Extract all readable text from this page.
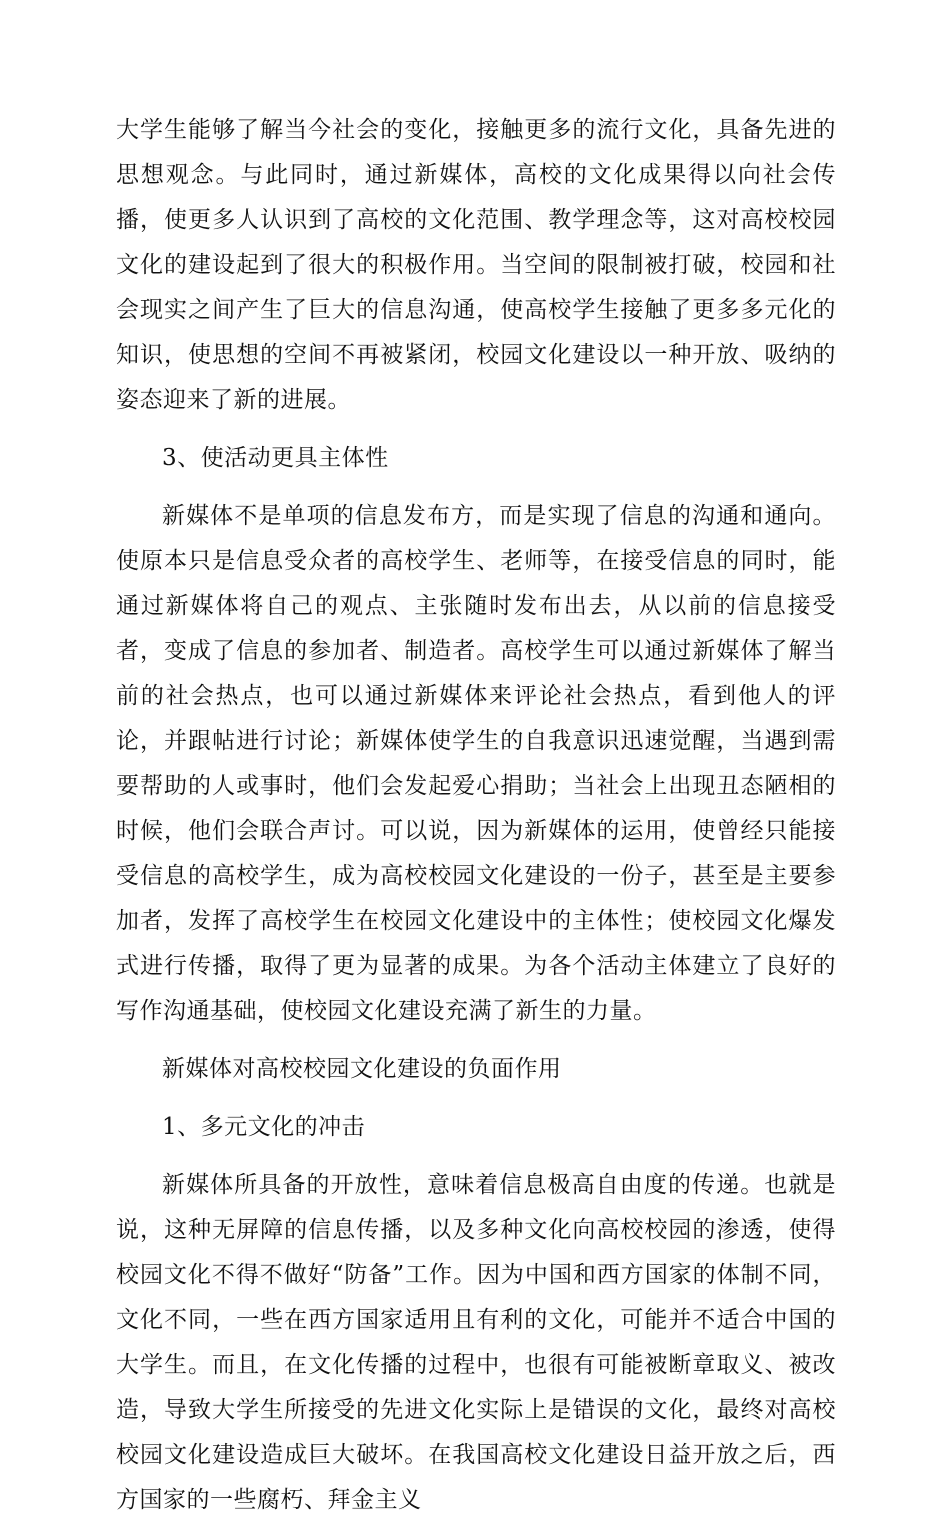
大学生能够了解当今社会的变化，接触更多的流行文化，具备先进的思想观念。与此同时，通过新媒体，高校的文化成果得以向社会传播，使更多人认识到了高校的文化范围、教学理念等，这对高校校园文化的建设起到了很大的积极作用。当空间的限制被打破，校园和社会现实之间产生了巨大的信息沟通，使高校学生接触了更多多元化的知识，使思想的空间不再被紧闭，校园文化建设以一种开放、吸纳的姿态迎来了新的进展。

3、使活动更具主体性

新媒体不是单项的信息发布方，而是实现了信息的沟通和通向。使原本只是信息受众者的高校学生、老师等，在接受信息的同时，能通过新媒体将自己的观点、主张随时发布出去，从以前的信息接受者，变成了信息的参加者、制造者。高校学生可以通过新媒体了解当前的社会热点，也可以通过新媒体来评论社会热点，看到他人的评论，并跟帖进行讨论；新媒体使学生的自我意识迅速觉醒，当遇到需要帮助的人或事时，他们会发起爱心捐助；当社会上出现丑态陋相的时候，他们会联合声讨。可以说，因为新媒体的运用，使曾经只能接受信息的高校学生，成为高校校园文化建设的一份子，甚至是主要参加者，发挥了高校学生在校园文化建设中的主体性；使校园文化爆发式进行传播，取得了更为显著的成果。为各个活动主体建立了良好的写作沟通基础，使校园文化建设充满了新生的力量。

新媒体对高校校园文化建设的负面作用

1、多元文化的冲击

新媒体所具备的开放性，意味着信息极高自由度的传递。也就是说，这种无屏障的信息传播，以及多种文化向高校校园的渗透，使得校园文化不得不做好“防备”工作。因为中国和西方国家的体制不同，文化不同，一些在西方国家适用且有利的文化，可能并不适合中国的大学生。而且，在文化传播的过程中，也很有可能被断章取义、被改造，导致大学生所接受的先进文化实际上是错误的文化，最终对高校校园文化建设造成巨大破坏。在我国高校文化建设日益开放之后，西方国家的一些腐朽、拜金主义
